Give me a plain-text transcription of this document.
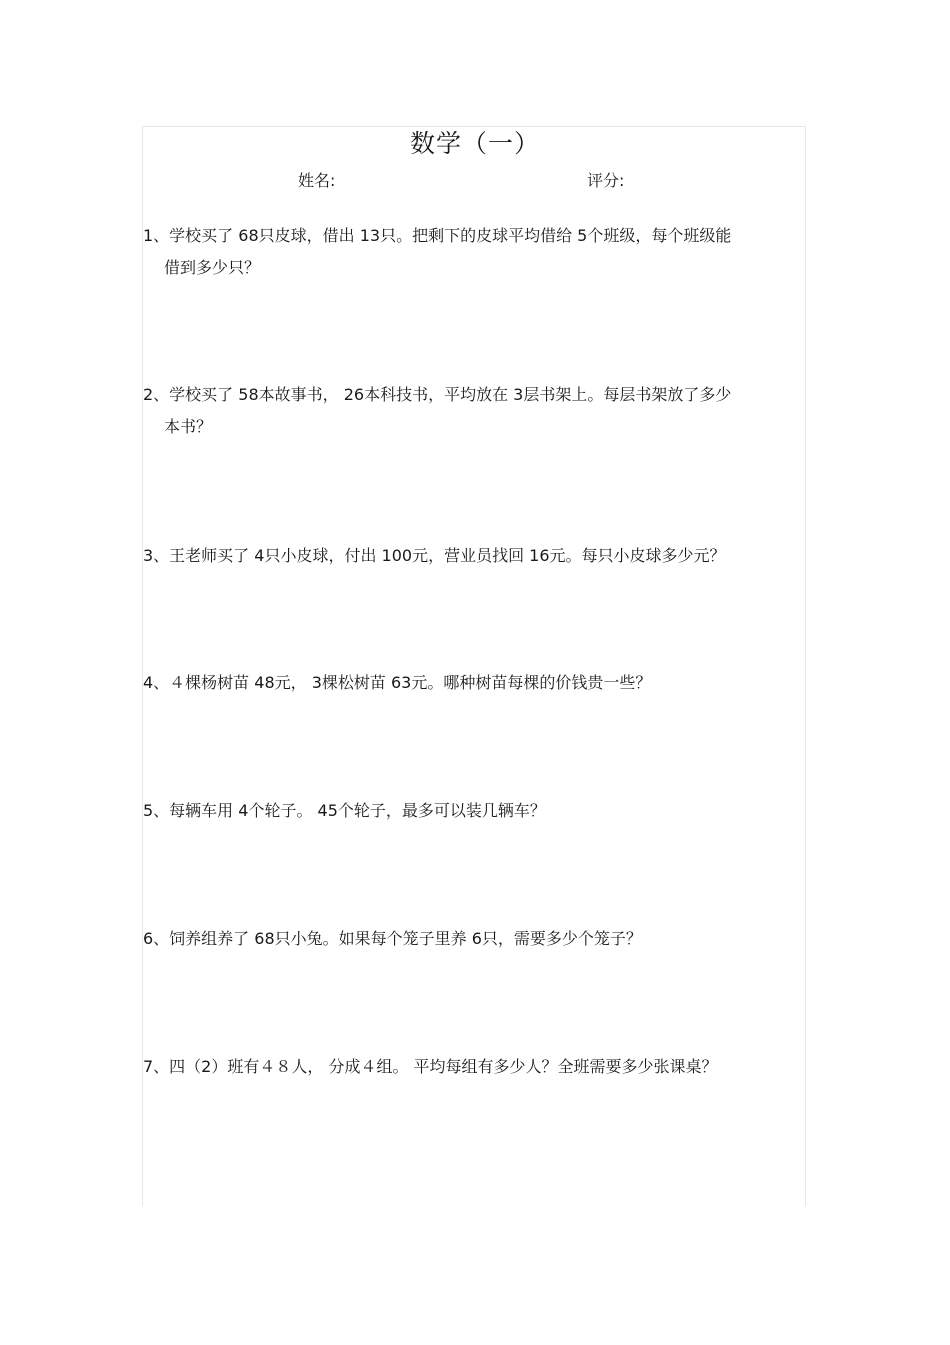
数学（一）
姓名:	评分:
1、学校买了 68只皮球，借出 13只。把剩下的皮球平均借给 5个班级，每个班级能
借到多少只？
2、学校买了 58本故事书， 26本科技书，平均放在 3层书架上。每层书架放了多少
本书？
3、王老师买了 4只小皮球，付出 100元，营业员找回 16元。每只小皮球多少元？
4、４棵杨树苗 48元， 3棵松树苗 63元。哪种树苗每棵的价钱贵一些？
5、每辆车用 4个轮子。 45个轮子，最多可以装几辆车？
6、饲养组养了 68只小兔。如果每个笼子里养 6只，需要多少个笼子？
7、四（2）班有４８人， 分成４组。 平均每组有多少人？全班需要多少张课桌？
